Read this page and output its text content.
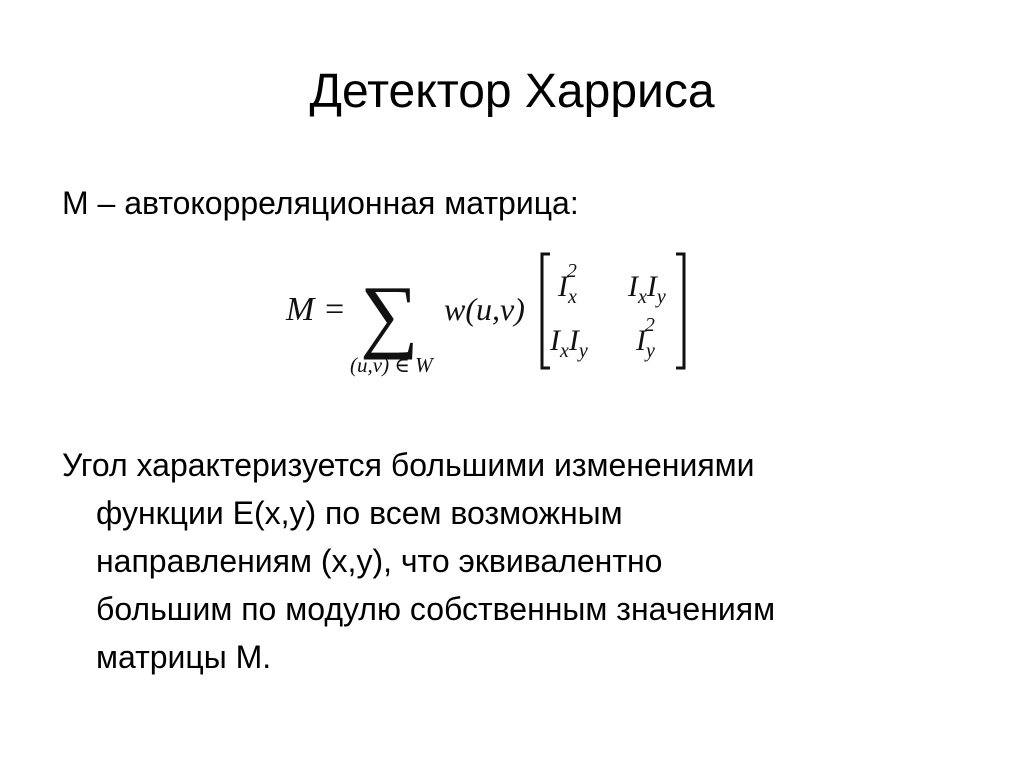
Детектор Харриса
M – автокорреляционная матрица:
M = ∑
(u,v) ∈ W
w(u,v)
$I_x2$ $I_xI_y$
$I_xI_y$ $I_y2$
Угол характеризуется большими изменениями
функции E(x,y) по всем возможным
направлениям (x,y), что эквивалентно
большим по модулю собственным значениям
матрицы M.
